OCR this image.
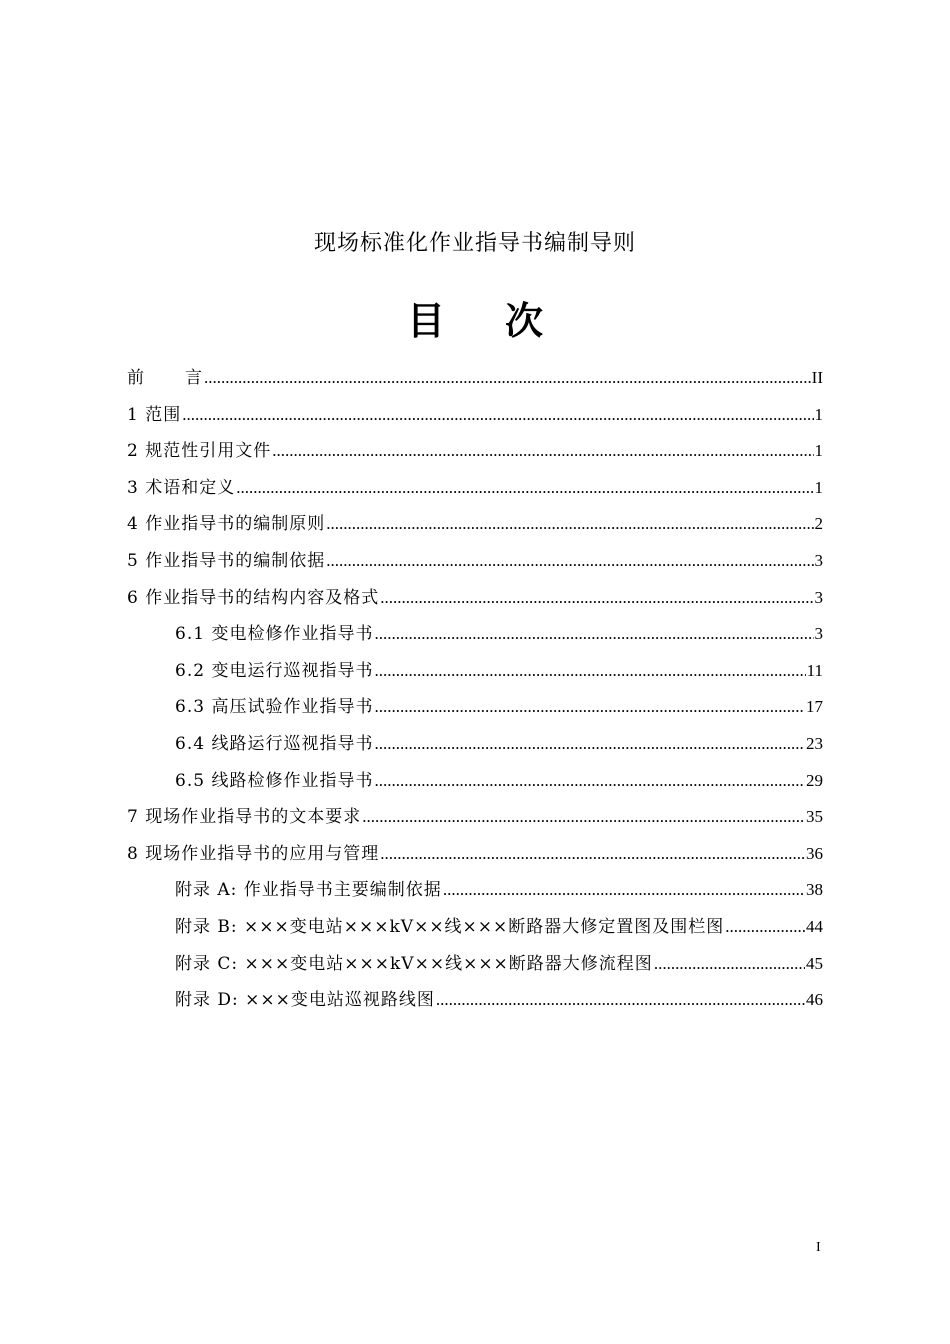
现场标准化作业指导书编制导则
目 次
前 言 .....	II
1 范围 .....	1
2 规范性引用文件 .....	1
3 术语和定义 .....	1
4 作业指导书的编制原则 .....	2
5 作业指导书的编制依据 .....	3
6 作业指导书的结构内容及格式 .....	3
6.1 变电检修作业指导书 .....	3
6.2 变电运行巡视指导书 .....	11
6.3 高压试验作业指导书 .....	17
6.4 线路运行巡视指导书 .....	23
6.5 线路检修作业指导书 .....	29
7 现场作业指导书的文本要求 .....	35
8 现场作业指导书的应用与管理 .....	36
附录 A: 作业指导书主要编制依据 .....	38
附录 B: ×××变电站×××kV××线×××断路器大修定置图及围栏图 .....	44
附录 C: ×××变电站×××kV××线×××断路器大修流程图 .....	45
附录 D: ×××变电站巡视路线图 .....	46
I
